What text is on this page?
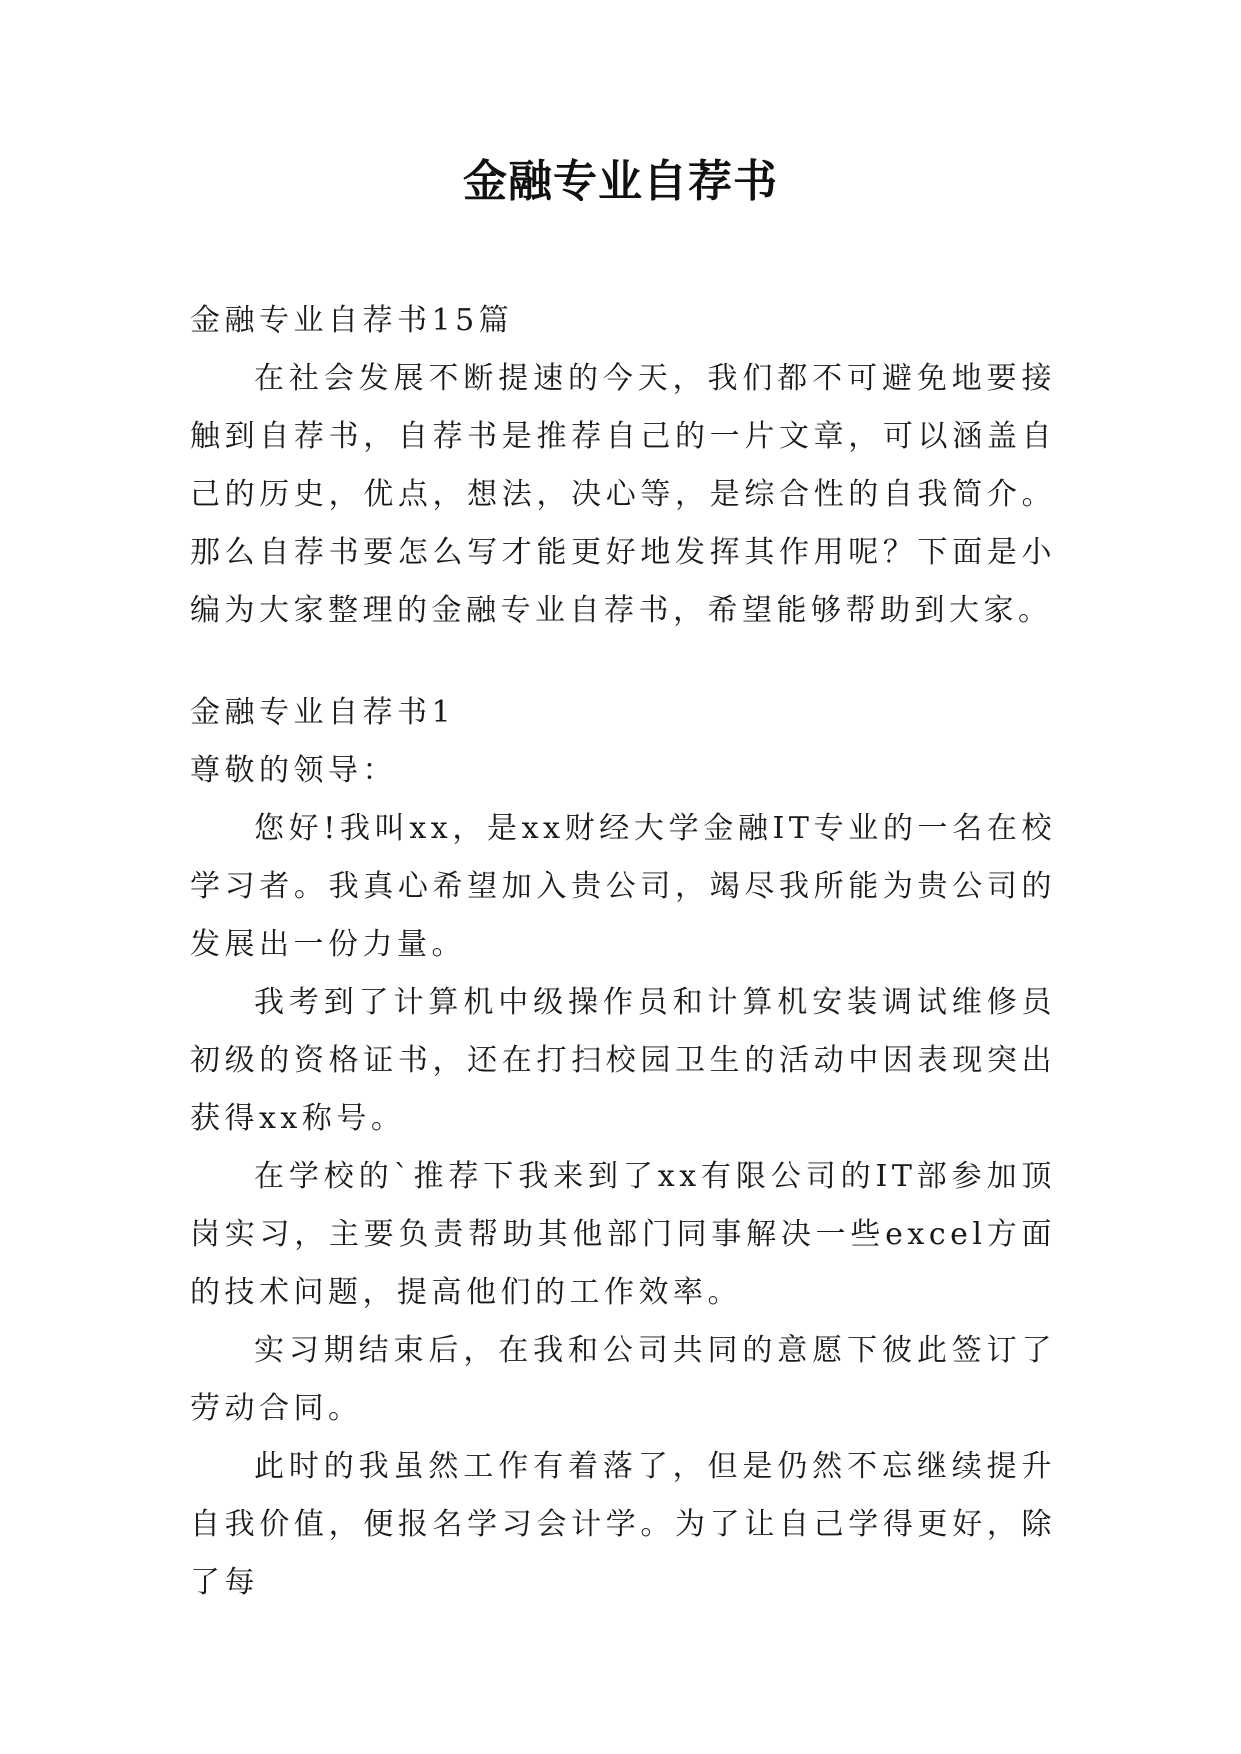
金融专业自荐书

金融专业自荐书15篇

在社会发展不断提速的今天，我们都不可避免地要接触到自荐书，自荐书是推荐自己的一片文章，可以涵盖自己的历史，优点，想法，决心等，是综合性的自我简介。那么自荐书要怎么写才能更好地发挥其作用呢？下面是小编为大家整理的金融专业自荐书，希望能够帮助到大家。

金融专业自荐书1

尊敬的领导：

您好!我叫xx，是xx财经大学金融IT专业的一名在校学习者。我真心希望加入贵公司，竭尽我所能为贵公司的发展出一份力量。

我考到了计算机中级操作员和计算机安装调试维修员初级的资格证书，还在打扫校园卫生的活动中因表现突出获得xx称号。

在学校的`推荐下我来到了xx有限公司的IT部参加顶岗实习，主要负责帮助其他部门同事解决一些excel方面的技术问题，提高他们的工作效率。

实习期结束后，在我和公司共同的意愿下彼此签订了劳动合同。

此时的我虽然工作有着落了，但是仍然不忘继续提升自我价值，便报名学习会计学。为了让自己学得更好，除了每
